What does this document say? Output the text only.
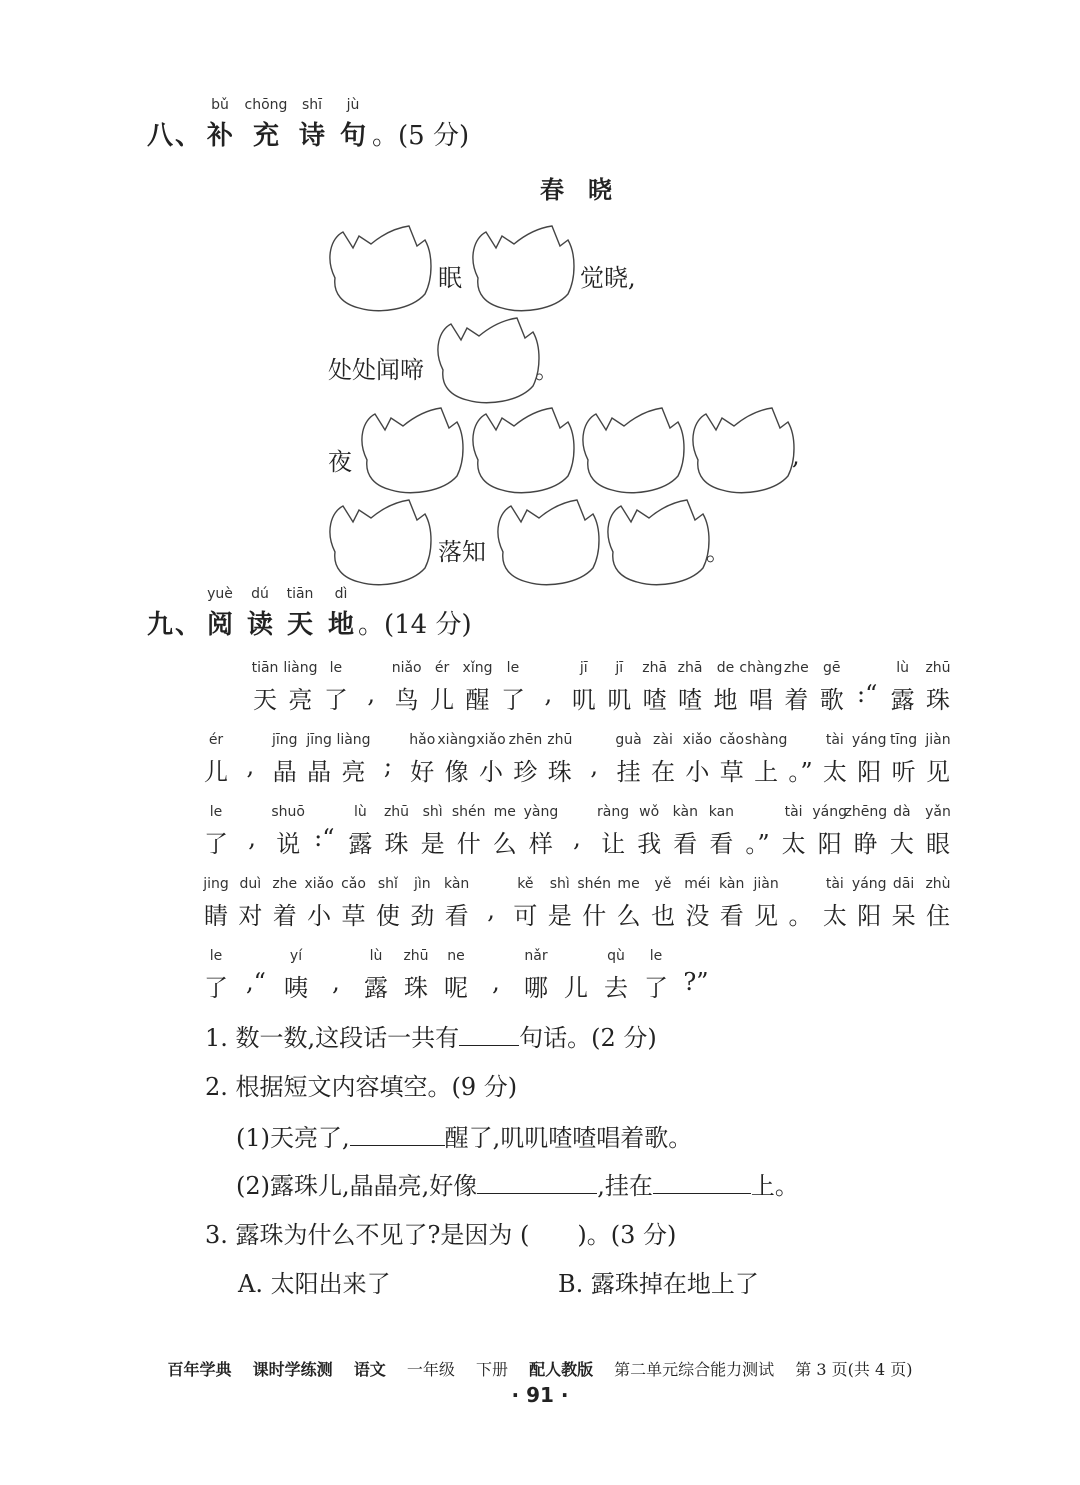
bǔ chōng shī jù
八 、 补 充 诗 句 。(5 分)
春　晓
眠	觉晓,
处处闻啼	。
夜	,
落知	。
yuè dú tiān dì
九 、 阅 读 天 地 。(14 分)
tiān
天
liàng
亮
le
了 ,
niǎo
鸟
ér
儿
xǐng
醒
le
了 ,
jī
叽
jī
叽
zhā
喳
zhā
喳
de
地
chàng
唱
zhe
着
gē
歌 :“
lù
露
zhū
珠
ér
儿 ,
jīng
晶
jīng
晶
liàng
亮 ;
hǎo
好
xiàng
像
xiǎo
小
zhēn
珍
zhū
珠 ,
guà
挂
zài
在
xiǎo
小
cǎo
草
shàng
上 。”
tài
太
yáng
阳
tīng
听
jiàn
见
le
了 ,
shuō
说 :“
lù
露
zhū
珠
shì
是
shén
什
me
么
yàng
样 ,
ràng
让
wǒ
我
kàn
看
kan
看 。”
tài
太
yáng
阳
zhēng
睁
dà
大
yǎn
眼
jing
睛
duì
对
zhe
着
xiǎo
小
cǎo
草
shǐ
使
jìn
劲
kàn
看 ,
kě
可
shì
是
shén
什
me
么
yě
也
méi
没
kàn
看
jiàn
见 。
tài
太
yáng
阳
dāi
呆
zhù
住
le
了 ,“
yí
咦 ,
lù
露
zhū
珠
ne
呢 ,
nǎr
哪 儿
qù
去
le
了 ?”
1. 数一数,这段话一共有	句话。(2 分)
2. 根据短文内容填空。(9 分)
(1)天亮了,	醒了,叽叽喳喳唱着歌。
(2)露珠儿,晶晶亮,好像	,挂在	上。
3. 露珠为什么不见了?是因为 (　　)。(3 分)
A. 太阳出来了	B. 露珠掉在地上了
百年学典 课时学练测 语文 一年级 下册 配人教版 第二单元综合能力测试 第 3 页(共 4 页)
· 91 ·
